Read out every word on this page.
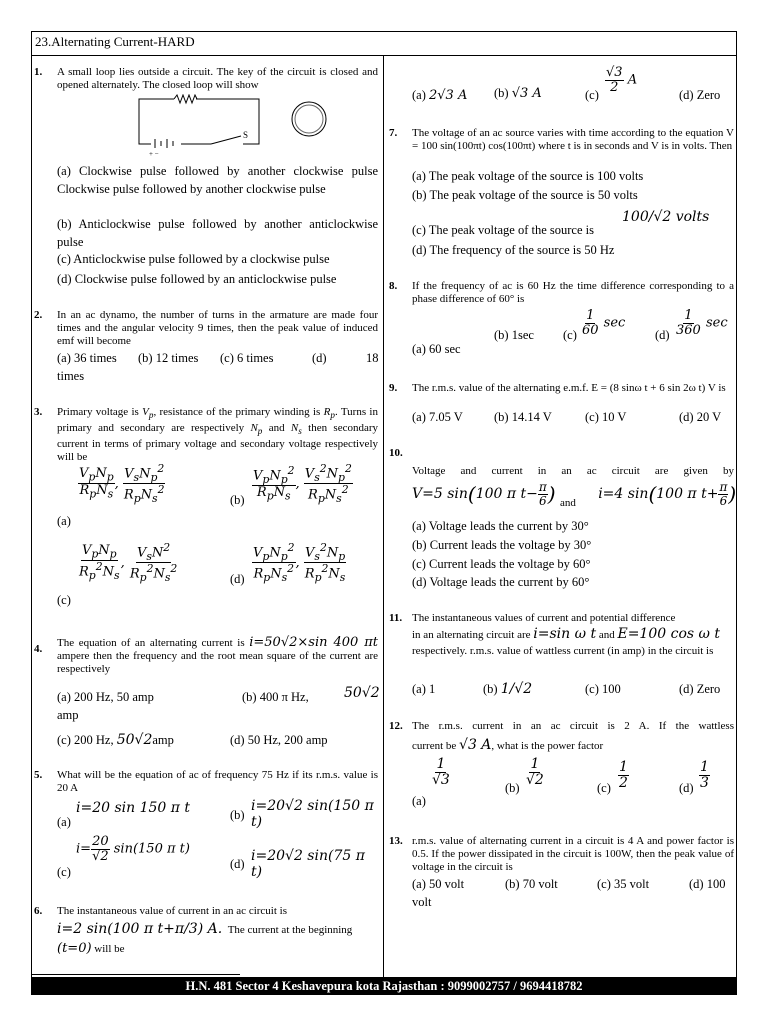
23.Alternating Current-HARD
1. A small loop lies outside a circuit. The key of the circuit is closed and opened alternately. The closed loop will show
+ −
S
(a) Clockwise pulse followed by another clockwise pulse Clockwise pulse followed by another clockwise pulse
(b) Anticlockwise pulse followed by another anticlockwise pulse
(c) Anticlockwise pulse followed by a clockwise pulse
(d) Clockwise pulse followed by an anticlockwise pulse
2. In an ac dynamo, the number of turns in the armature are made four times and the angular velocity 9 times, then the peak value of induced emf will become
(a) 36 times (b) 12 times (c) 6 times	(d)	18
times
3. Primary voltage is $V_p$, resistance of the primary winding is $R_p$. Turns in primary and secondary are respectively $N_p$ and $N_s$ then secondary current in terms of primary voltage and secondary voltage respectively will be
$\frac{V_pN_p}{R_pN_s}$ , $\frac{V_sN_p^2}{R_pN_s^2}$
(a)
$(b) \frac{V_pN_p^2}{R_pN_s}$ , $\frac{V_s^2N_p^2}{R_pN_s^2}$
$\frac{V_pN_p}{R_p^2N_s}$ , $\frac{V_sN^2}{R_p^2N_s^2}$
(c)
$(d) \frac{V_pN_p^2}{R_pN_s^2}$ , $\frac{V_s^2N_p}{R_p^2N_s}$
4. The equation of an alternating current is i=50√2×sin 400 πt ampere then the frequency and the root mean square of the current are respectively
(a) 200 Hz, 50 amp	(b) 400 π Hz,	50√2
amp
(c) 200 Hz, 50√2amp	(d) 50 Hz, 200 amp
5. What will be the equation of ac of frequency 75 Hz if its r.m.s. value is 20 A
i=20 sin 150 π t
(a)	(b)
i=20√2 sin(150 π t)
$i= \frac{20}{√2} \sin(150$ π t)
(c)
(d) i=20√2 sin(75 π t)
6. The instantaneous value of current in an ac circuit is
i=2 sin(100 π t+π/3) A. The current at the beginning
(t=0) will be
(a) 2√3 A (b) √3 A	(c)
$\frac{√3}{2}$ A
(d) Zero
7. The voltage of an ac source varies with time according to the equation V = 100 sin(100πt) cos(100πt) where t is in seconds and V is in volts. Then
(a) The peak voltage of the source is 100 volts
(b) The peak voltage of the source is 50 volts
(c) The peak voltage of the source is
100/√2 volts
(d) The frequency of the source is 50 Hz
8. If the frequency of ac is 60 Hz the time difference corresponding to a phase difference of 60° is
(a) 60 sec
(b) 1sec $(c) \frac{1}{60}$ sec
$(d) \frac{1}{360}$ sec
9. The r.m.s. value of the alternating e.m.f. E = (8 sinω t + 6 sin 2ω t) V is
(a) 7.05 V (b) 14.14 V	(c) 10 V	(d) 20 V
10.
Voltage and current in an ac circuit are given by
V=5 sin(100 π $t- \frac{\pi}{6}$ ) $_{and}$     i=4 sin(100 π $t+ \frac{\pi}{6}$ )
(a) Voltage leads the current by 30°
(b) Current leads the voltage by 30°
(c) Current leads the voltage by 60°
(d) Voltage leads the current by 60°
11. The instantaneous values of current and potential difference
in an alternating circuit are i=sin ω t and E=100 cos ω t
respectively. r.m.s. value of wattless current (in amp) in the circuit is
(a) 1	(b) 1/√2	(c) 100	(d) Zero
12. The r.m.s. current in an ac circuit is 2 A. If the wattless
current be √3 A, what is the power factor
$\frac{1}{√3}$
(a)
(b)
$\frac{1}{√2}$
$(c) \frac{1}{2}$	$(d) \frac{1}{3}$
13. r.m.s. value of alternating current in a circuit is 4 A and power factor is 0.5. If the power dissipated in the circuit is 100W, then the peak value of voltage in the circuit is
(a) 50 volt	(b) 70 volt	(c) 35 volt	(d) 100
volt
H.N. 481 Sector 4 Keshavepura kota Rajasthan : 9099002757 / 9694418782
